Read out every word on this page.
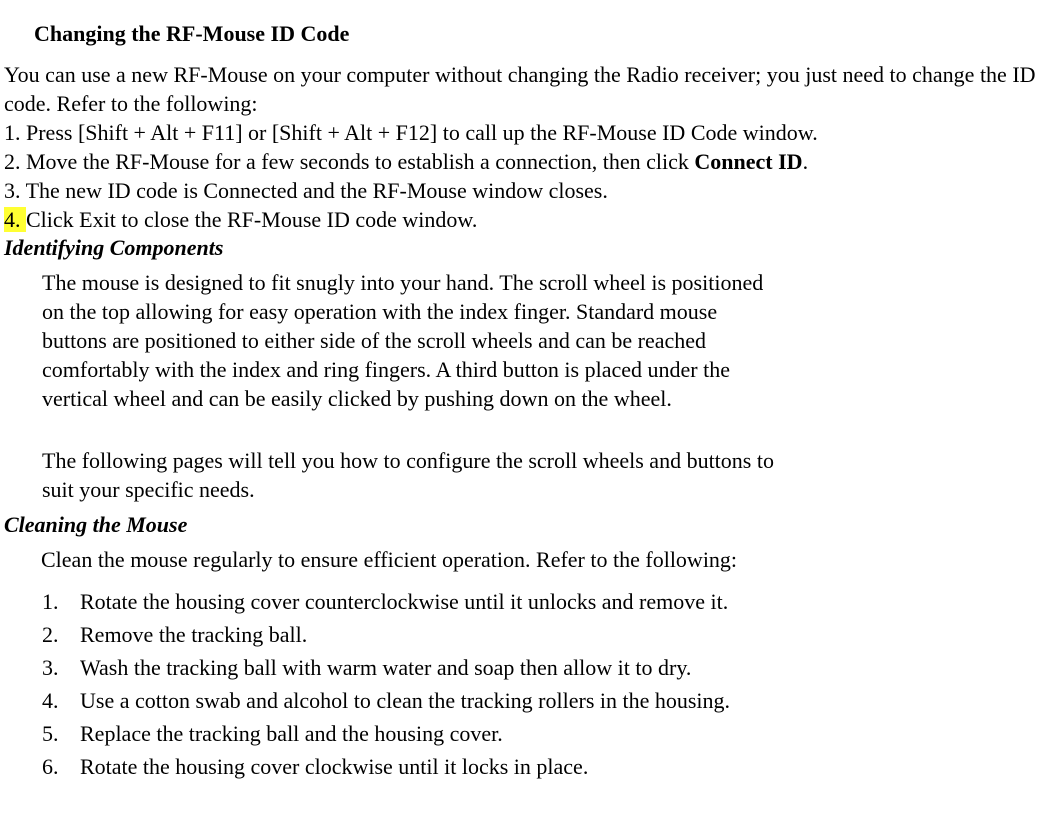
Changing the RF-Mouse ID Code

You can use a new RF-Mouse on your computer without changing the Radio receiver; you just need to change the ID code. Refer to the following:

1. Press [Shift + Alt + F11] or [Shift + Alt + F12] to call up the RF-Mouse ID Code window.

2. Move the RF-Mouse for a few seconds to establish a connection, then click Connect ID.

3. The new ID code is Connected and the RF-Mouse window closes.

4. Click Exit to close the RF-Mouse ID code window.

Identifying Components

The mouse is designed to fit snugly into your hand. The scroll wheel is positioned on the top allowing for easy operation with the index finger. Standard mouse buttons are positioned to either side of the scroll wheels and can be reached comfortably with the index and ring fingers. A third button is placed under the vertical wheel and can be easily clicked by pushing down on the wheel.

The following pages will tell you how to configure the scroll wheels and buttons to suit your specific needs.

Cleaning the Mouse

Clean the mouse regularly to ensure efficient operation. Refer to the following:

1. Rotate the housing cover counterclockwise until it unlocks and remove it.
2. Remove the tracking ball.
3. Wash the tracking ball with warm water and soap then allow it to dry.
4. Use a cotton swab and alcohol to clean the tracking rollers in the housing.
5. Replace the tracking ball and the housing cover.
6. Rotate the housing cover clockwise until it locks in place.
